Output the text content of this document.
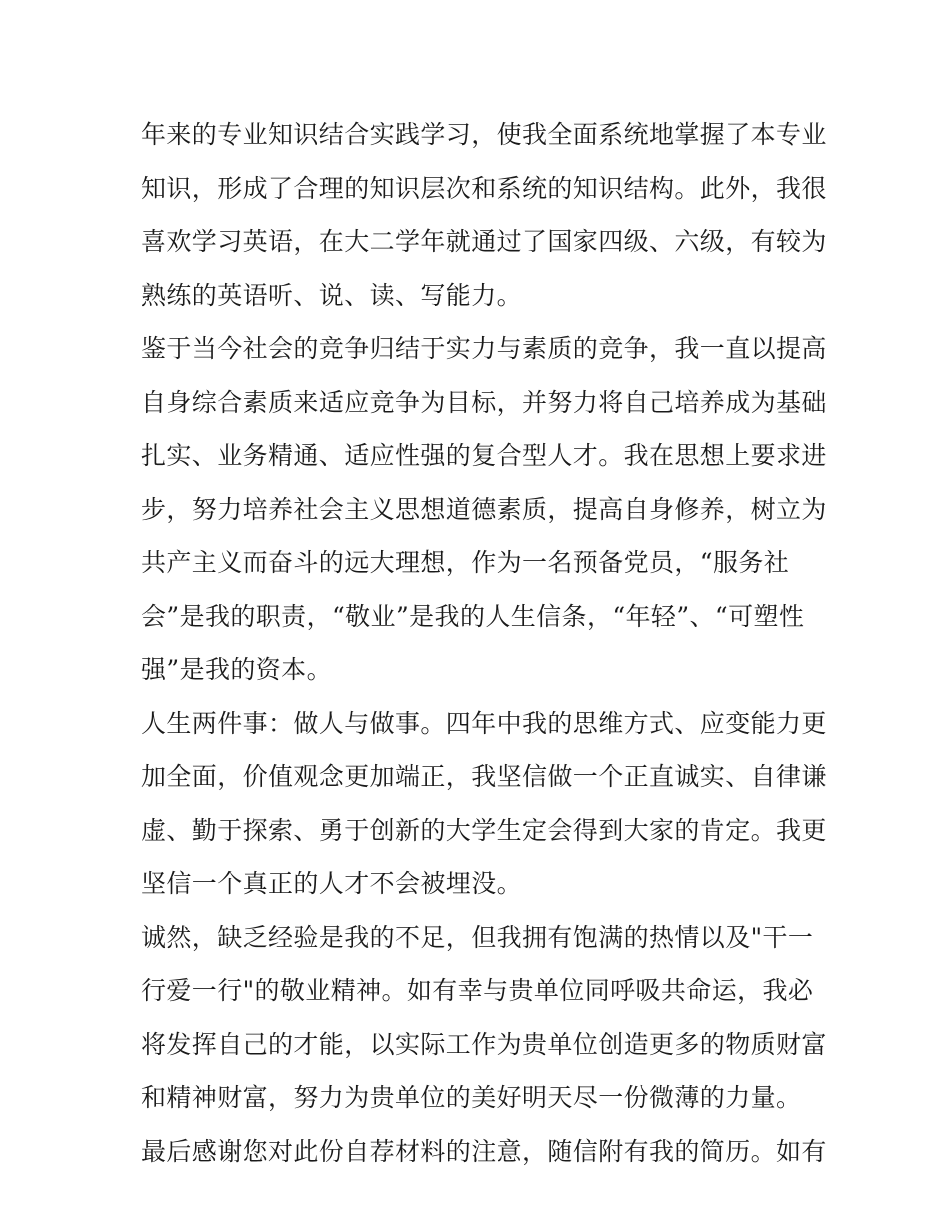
年来的专业知识结合实践学习，使我全面系统地掌握了本专业
知识，形成了合理的知识层次和系统的知识结构。此外，我很
喜欢学习英语，在大二学年就通过了国家四级、六级，有较为
熟练的英语听、说、读、写能力。
鉴于当今社会的竞争归结于实力与素质的竞争，我一直以提高
自身综合素质来适应竞争为目标，并努力将自己培养成为基础
扎实、业务精通、适应性强的复合型人才。我在思想上要求进
步，努力培养社会主义思想道德素质，提高自身修养，树立为
共产主义而奋斗的远大理想，作为一名预备党员，“服务社
会”是我的职责，“敬业”是我的人生信条，“年轻”、“可塑性
强”是我的资本。
人生两件事：做人与做事。四年中我的思维方式、应变能力更
加全面，价值观念更加端正，我坚信做一个正直诚实、自律谦
虚、勤于探索、勇于创新的大学生定会得到大家的肯定。我更
坚信一个真正的人才不会被埋没。
诚然，缺乏经验是我的不足，但我拥有饱满的热情以及"干一
行爱一行"的敬业精神。如有幸与贵单位同呼吸共命运，我必
将发挥自己的才能，以实际工作为贵单位创造更多的物质财富
和精神财富，努力为贵单位的美好明天尽一份微薄的力量。
最后感谢您对此份自荐材料的注意，随信附有我的简历。如有
